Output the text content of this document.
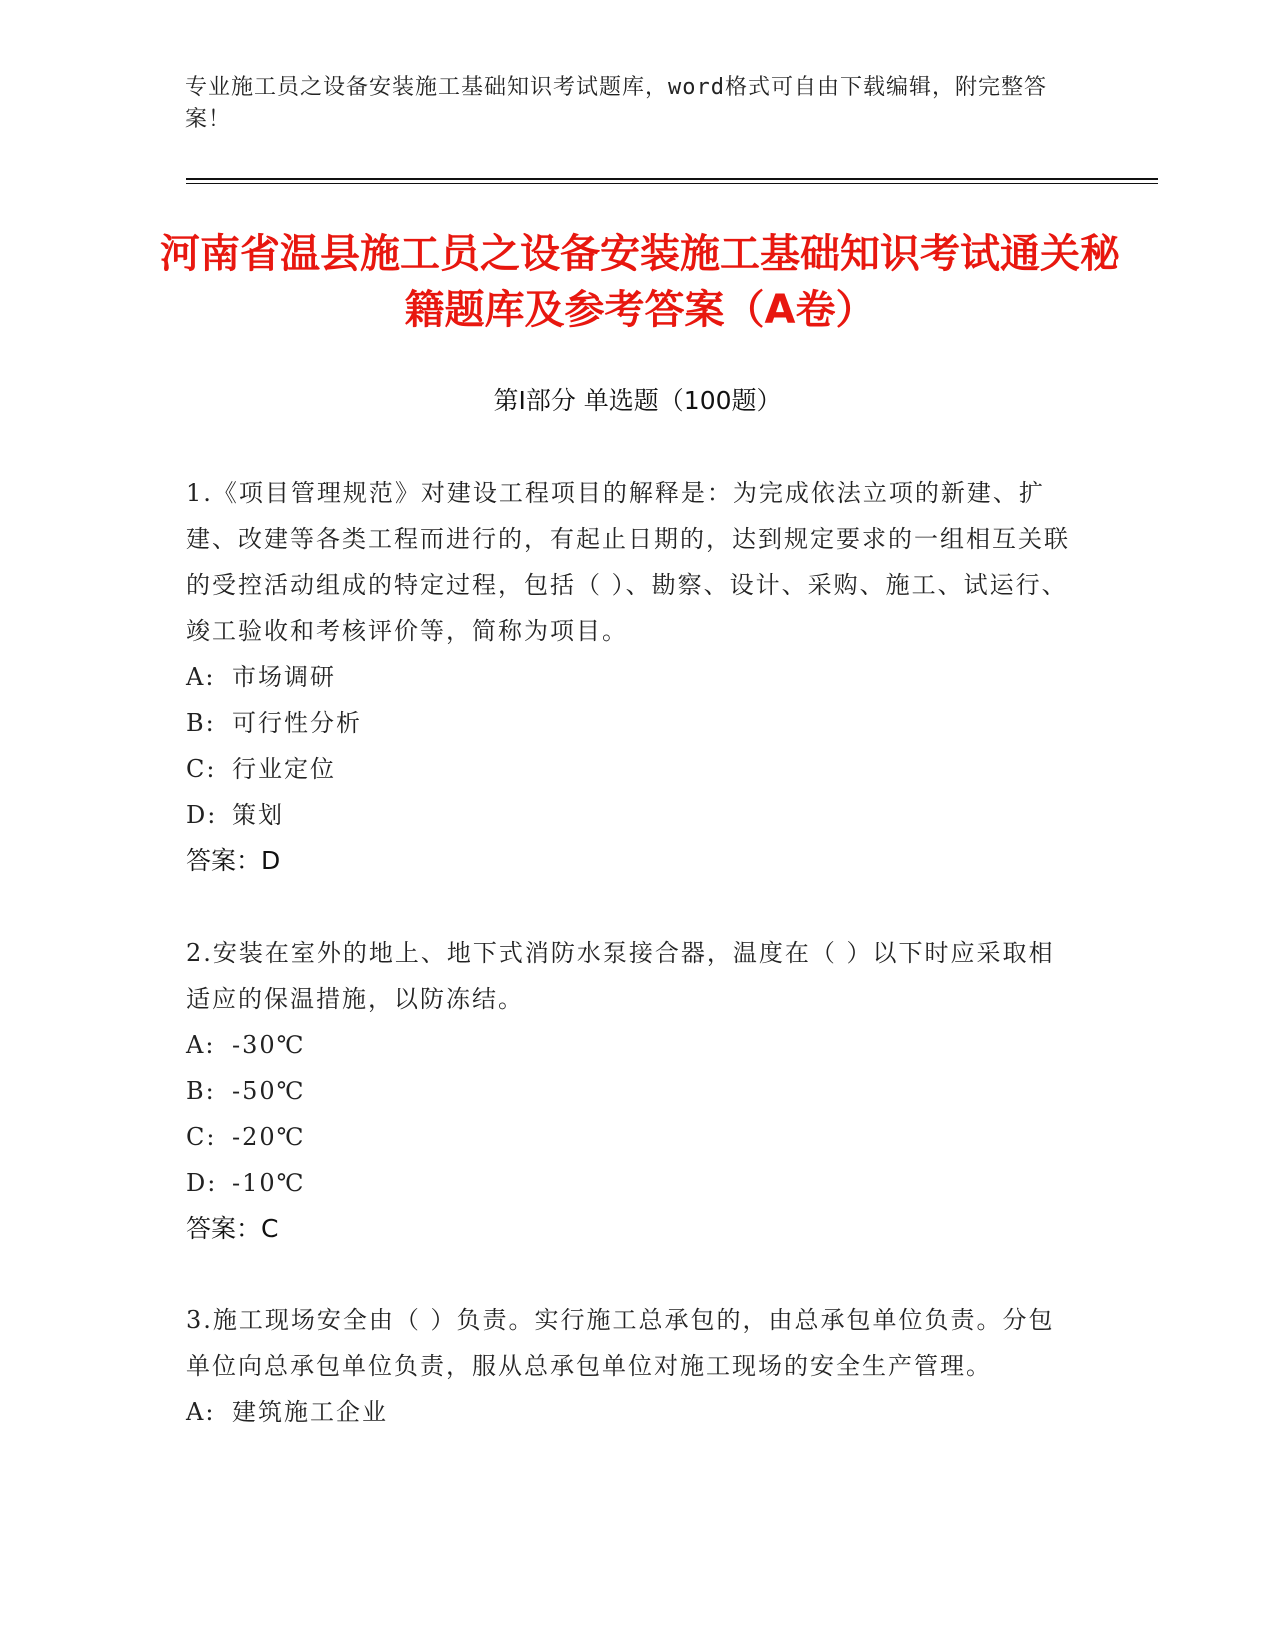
专业施工员之设备安装施工基础知识考试题库，word格式可自由下载编辑，附完整答案！
河南省温县施工员之设备安装施工基础知识考试通关秘籍题库及参考答案（A卷）
第Ⅰ部分 单选题（100题）
1.《项目管理规范》对建设工程项目的解释是：为完成依法立项的新建、扩建、改建等各类工程而进行的，有起止日期的，达到规定要求的一组相互关联的受控活动组成的特定过程，包括（ ）、勘察、设计、采购、施工、试运行、竣工验收和考核评价等，简称为项目。
A: 市场调研
B: 可行性分析
C: 行业定位
D: 策划
答案：D
2.安装在室外的地上、地下式消防水泵接合器，温度在（ ）以下时应采取相适应的保温措施，以防冻结。
A: -30℃
B: -50℃
C: -20℃
D: -10℃
答案：C
3.施工现场安全由（ ）负责。实行施工总承包的，由总承包单位负责。分包单位向总承包单位负责，服从总承包单位对施工现场的安全生产管理。
A: 建筑施工企业
